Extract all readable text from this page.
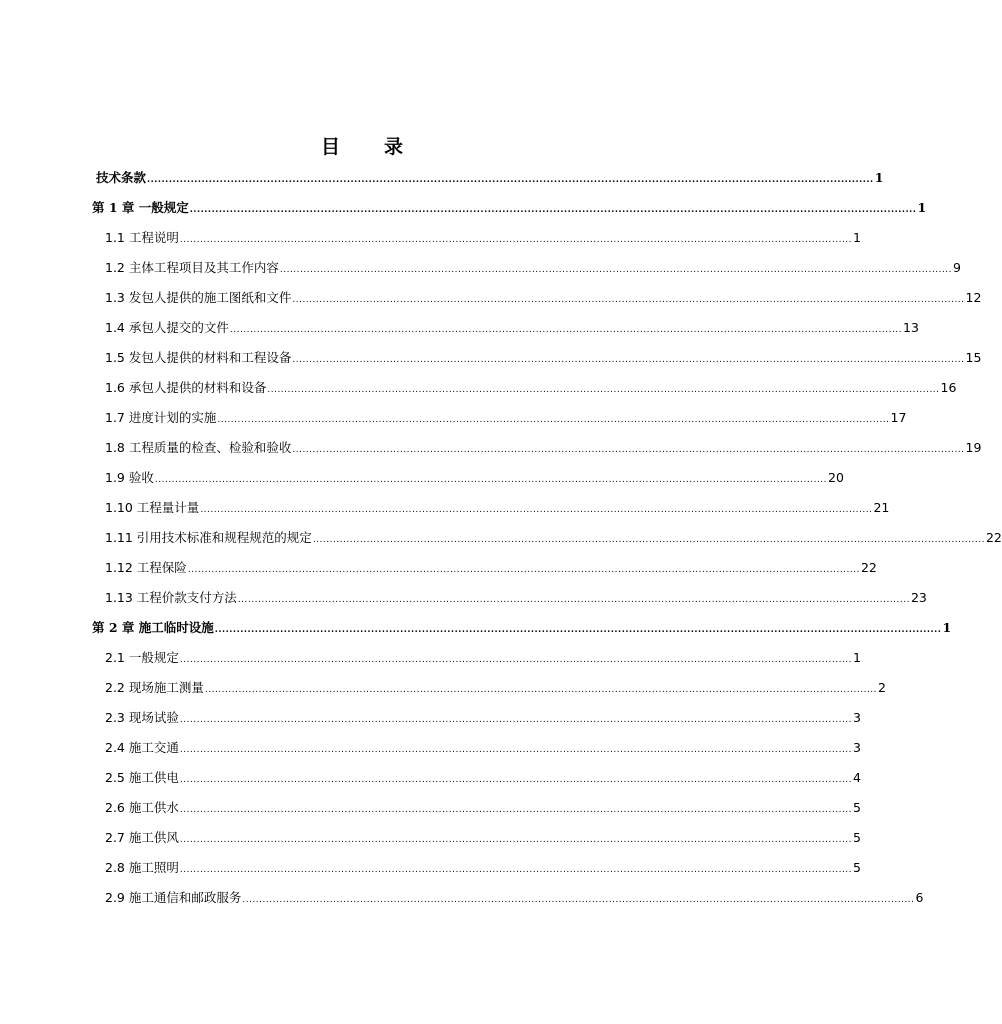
目 录
技术条款 ........................................................................................................................................................................................................ 1
第 1 章 一般规定 ........................................................................................................................................................................................................ 1
1.1 工程说明 ........................................................................................................................................................................................................ 1
1.2 主体工程项目及其工作内容 ........................................................................................................................................................................................................ 9
1.3 发包人提供的施工图纸和文件 ........................................................................................................................................................................................................ 12
1.4 承包人提交的文件 ........................................................................................................................................................................................................ 13
1.5 发包人提供的材料和工程设备 ........................................................................................................................................................................................................ 15
1.6 承包人提供的材料和设备 ........................................................................................................................................................................................................ 16
1.7 进度计划的实施 ........................................................................................................................................................................................................ 17
1.8 工程质量的检查、检验和验收 ........................................................................................................................................................................................................ 19
1.9 验收 ........................................................................................................................................................................................................ 20
1.10 工程量计量 ........................................................................................................................................................................................................ 21
1.11 引用技术标准和规程规范的规定 ........................................................................................................................................................................................................ 22
1.12 工程保险 ........................................................................................................................................................................................................ 22
1.13 工程价款支付方法 ........................................................................................................................................................................................................ 23
第 2 章 施工临时设施 ........................................................................................................................................................................................................ 1
2.1 一般规定 ........................................................................................................................................................................................................ 1
2.2 现场施工测量 ........................................................................................................................................................................................................ 2
2.3 现场试验 ........................................................................................................................................................................................................ 3
2.4 施工交通 ........................................................................................................................................................................................................ 3
2.5 施工供电 ........................................................................................................................................................................................................ 4
2.6 施工供水 ........................................................................................................................................................................................................ 5
2.7 施工供风 ........................................................................................................................................................................................................ 5
2.8 施工照明 ........................................................................................................................................................................................................ 5
2.9 施工通信和邮政服务 ........................................................................................................................................................................................................ 6
